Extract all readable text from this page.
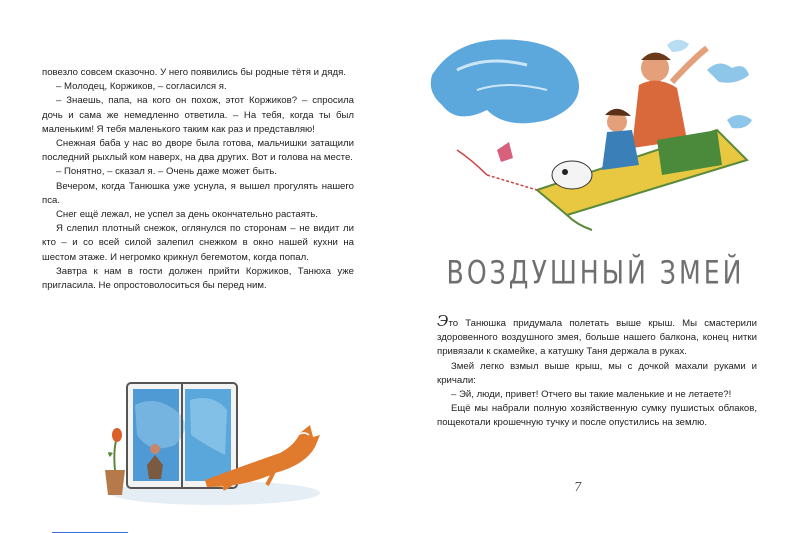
повезло совсем сказочно. У него появились бы родные тётя и дядя.

– Молодец, Коржиков, – согласился я.

– Знаешь, папа, на кого он похож, этот Коржиков? – спросила дочь и сама же немедленно ответила. – На тебя, когда ты был маленьким! Я тебя маленького таким как раз и представляю!

Снежная баба у нас во дворе была готова, мальчишки затащили последний рыхлый ком наверх, на два других. Вот и голова на месте.

– Понятно, – сказал я. – Очень даже может быть.

Вечером, когда Танюшка уже уснула, я вышел прогулять нашего пса.

Снег ещё лежал, не успел за день окончательно растаять.

Я слепил плотный снежок, оглянулся по сторонам – не видит ли кто – и со всей силой залепил снежком в окно нашей кухни на шестом этаже. И негромко крикнул бегемотом, когда попал.

Завтра к нам в гости должен прийти Коржиков, Танюха уже пригласила. Не опростоволоситься бы перед ним.	ВОЗДУШНЫЙ ЗМЕЙ

Это Танюшка придумала полетать выше крыш. Мы смастерили здоровенного воздушного змея, больше нашего балкона, конец нитки привязали к скамейке, а катушку Таня держала в руках.

Змей легко взмыл выше крыш, мы с дочкой махали руками и кричали:

– Эй, люди, привет! Отчего вы такие маленькие и не летаете?!

Ещё мы набрали полную хозяйственную сумку пушистых облаков, пощекотали крошечную тучку и после опустились на землю.

7
